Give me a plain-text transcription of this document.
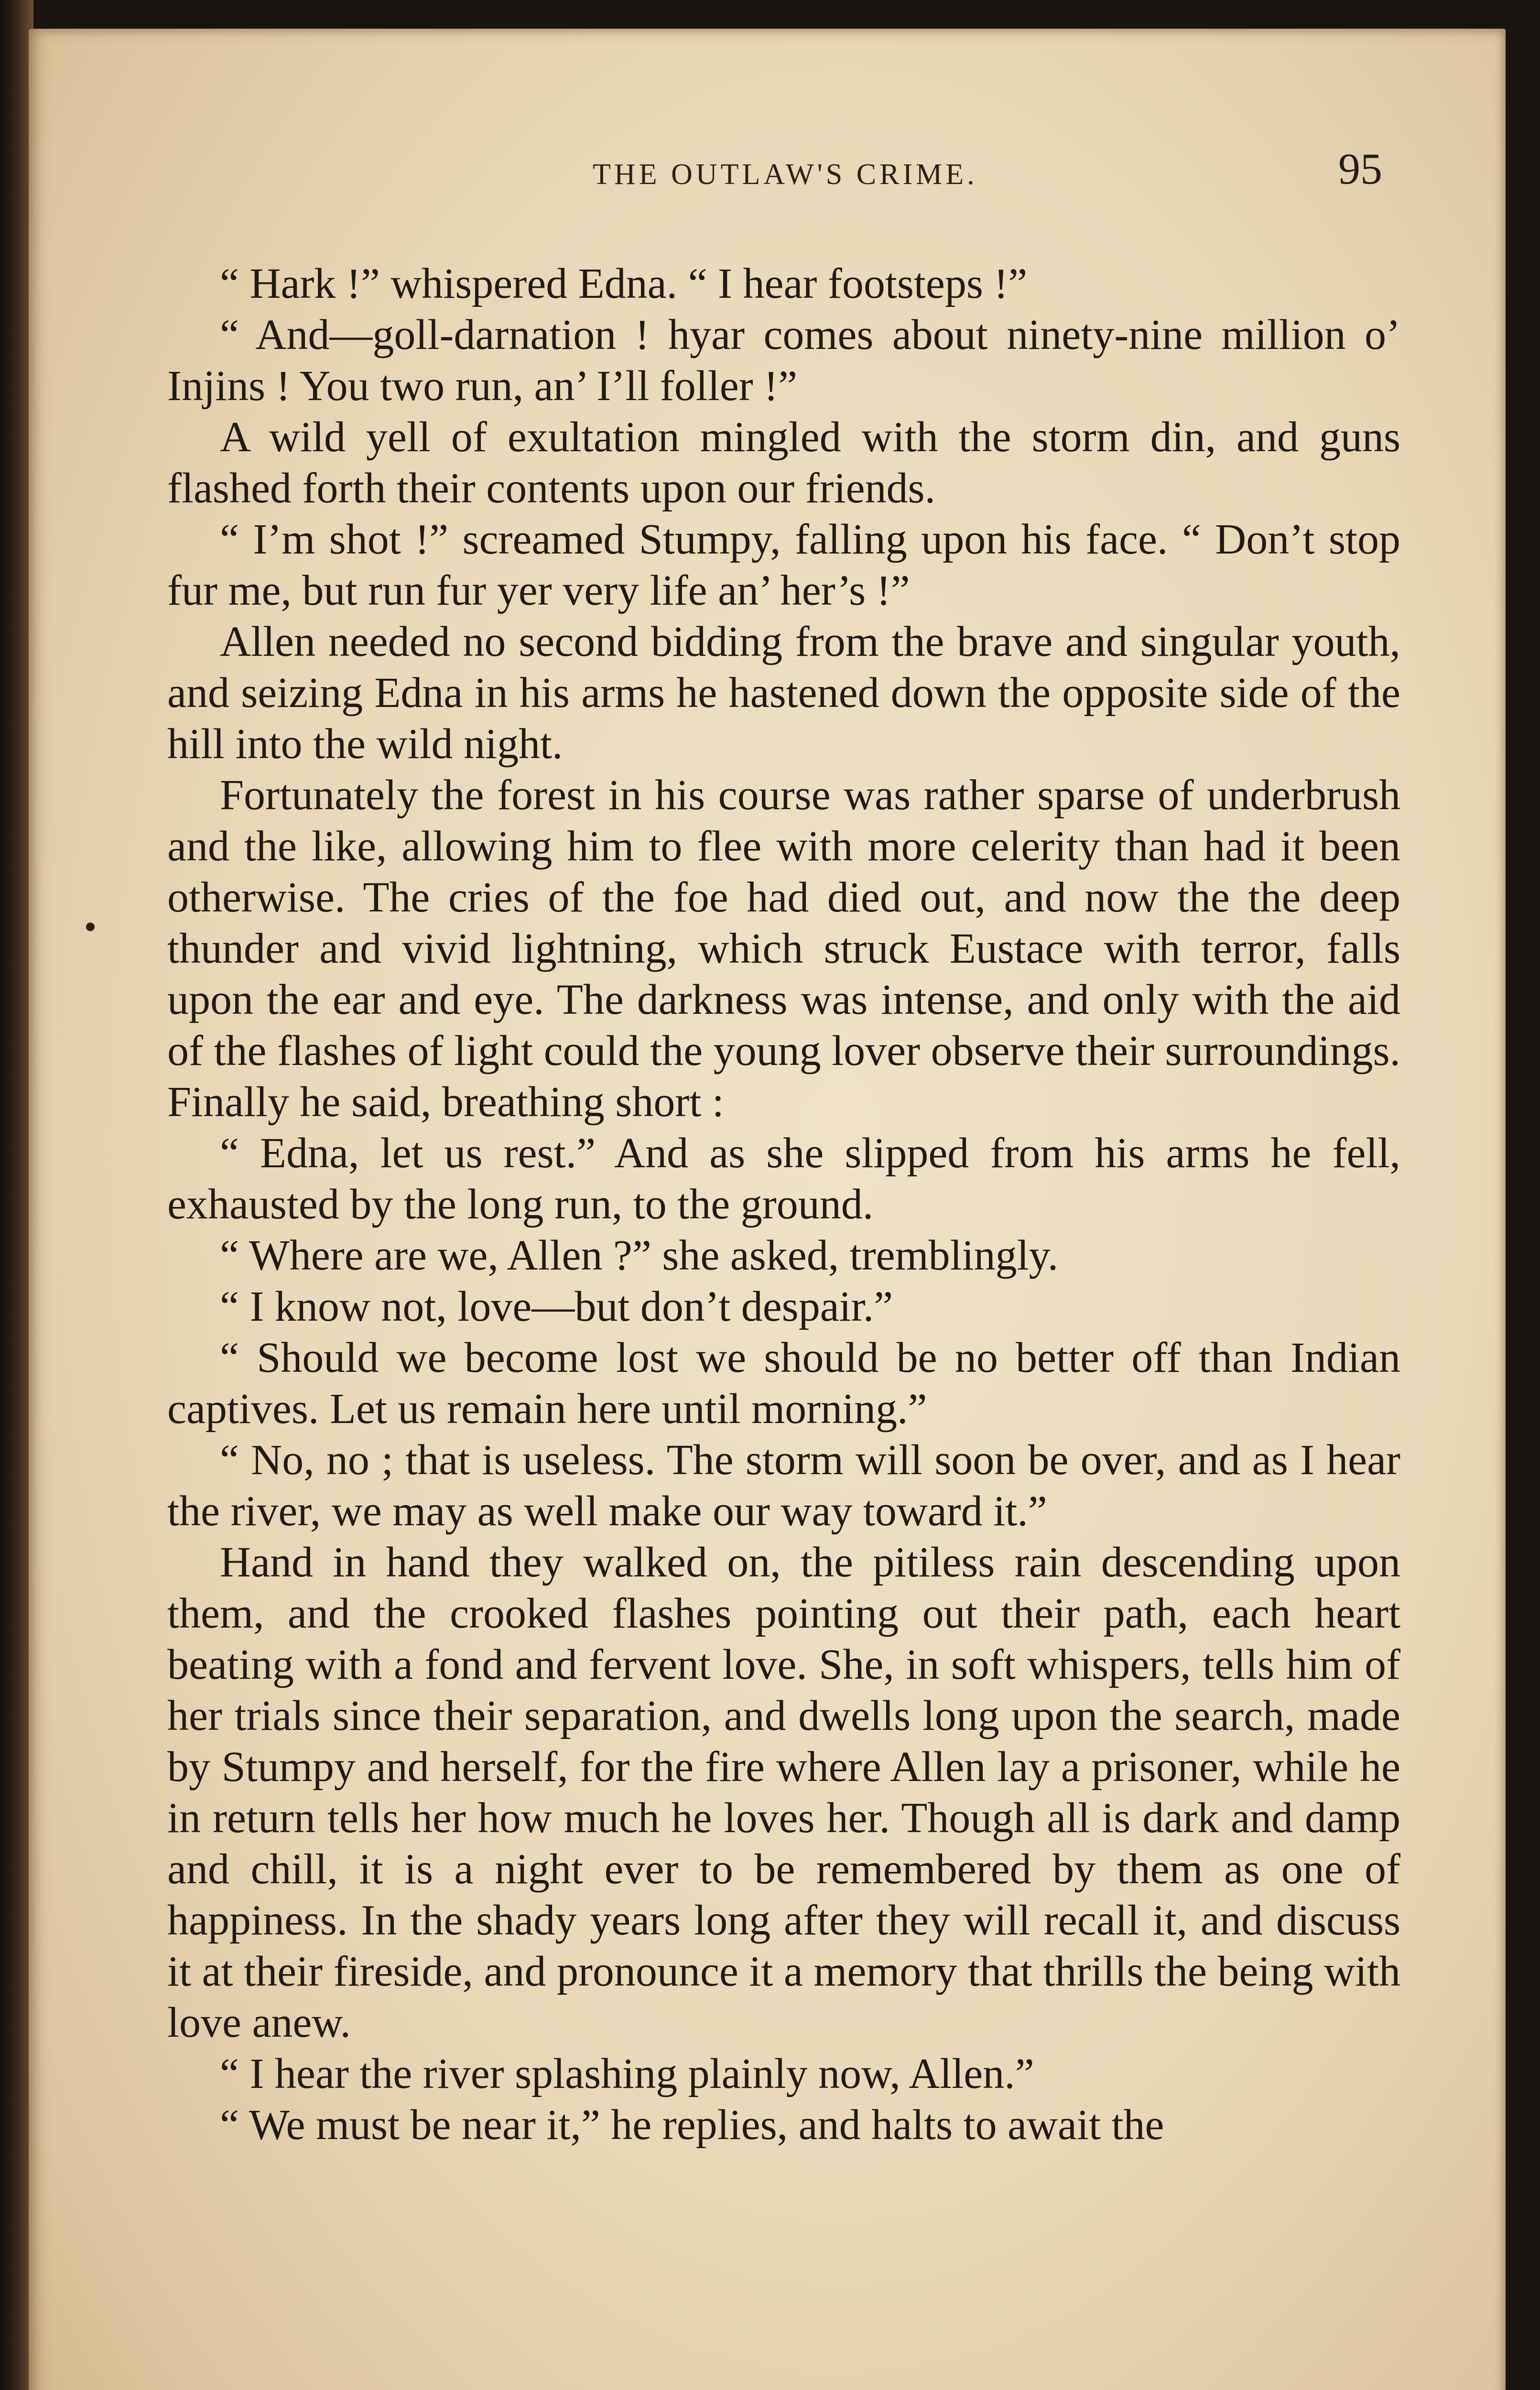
THE OUTLAW'S CRIME.	95

“ Hark !” whispered Edna. “ I hear footsteps !”

“ And—goll-darnation ! hyar comes about ninety-nine million o’ Injins ! You two run, an’ I’ll foller !”

A wild yell of exultation mingled with the storm din, and guns flashed forth their contents upon our friends.

“ I’m shot !” screamed Stumpy, falling upon his face. “ Don’t stop fur me, but run fur yer very life an’ her’s !”

Allen needed no second bidding from the brave and singular youth, and seizing Edna in his arms he hastened down the opposite side of the hill into the wild night.

Fortunately the forest in his course was rather sparse of underbrush and the like, allowing him to flee with more celerity than had it been otherwise. The cries of the foe had died out, and now the the deep thunder and vivid lightning, which struck Eustace with terror, falls upon the ear and eye. The darkness was intense, and only with the aid of the flashes of light could the young lover observe their surroundings. Finally he said, breathing short :

“ Edna, let us rest.” And as she slipped from his arms he fell, exhausted by the long run, to the ground.

“ Where are we, Allen ?” she asked, tremblingly.

“ I know not, love—but don’t despair.”

“ Should we become lost we should be no better off than Indian captives. Let us remain here until morning.”

“ No, no ; that is useless. The storm will soon be over, and as I hear the river, we may as well make our way toward it.”

Hand in hand they walked on, the pitiless rain descending upon them, and the crooked flashes pointing out their path, each heart beating with a fond and fervent love. She, in soft whispers, tells him of her trials since their separation, and dwells long upon the search, made by Stumpy and herself, for the fire where Allen lay a prisoner, while he in return tells her how much he loves her. Though all is dark and damp and chill, it is a night ever to be remembered by them as one of happiness. In the shady years long after they will recall it, and discuss it at their fireside, and pronounce it a memory that thrills the being with love anew.

“ I hear the river splashing plainly now, Allen.”

“ We must be near it,” he replies, and halts to await the
